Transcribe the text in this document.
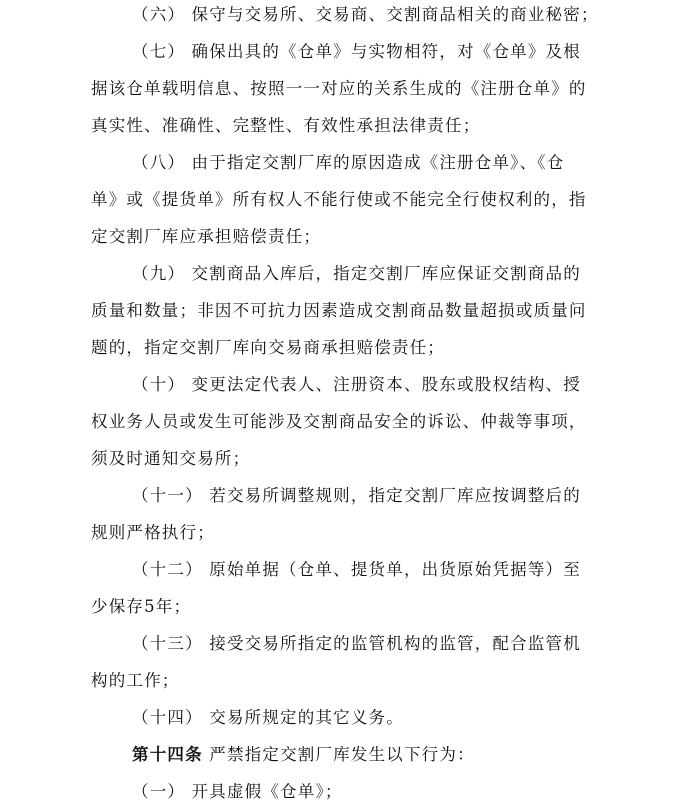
（六） 保守与交易所、交易商、交割商品相关的商业秘密；
（七） 确保出具的《仓单》与实物相符，对《仓单》及根
据该仓单载明信息、按照一一对应的关系生成的《注册仓单》的
真实性、准确性、完整性、有效性承担法律责任；
（八） 由于指定交割厂库的原因造成《注册仓单》、《仓
单》或《提货单》所有权人不能行使或不能完全行使权利的，指
定交割厂库应承担赔偿责任；
（九） 交割商品入库后，指定交割厂库应保证交割商品的
质量和数量；非因不可抗力因素造成交割商品数量超损或质量问
题的，指定交割厂库向交易商承担赔偿责任；
（十） 变更法定代表人、注册资本、股东或股权结构、授
权业务人员或发生可能涉及交割商品安全的诉讼、仲裁等事项，
须及时通知交易所；
（十一） 若交易所调整规则，指定交割厂库应按调整后的
规则严格执行；
（十二） 原始单据（仓单、提货单，出货原始凭据等）至
少保存5年；
（十三） 接受交易所指定的监管机构的监管，配合监管机
构的工作；
（十四） 交易所规定的其它义务。
第十四条 严禁指定交割厂库发生以下行为：
（一） 开具虚假《仓单》；
